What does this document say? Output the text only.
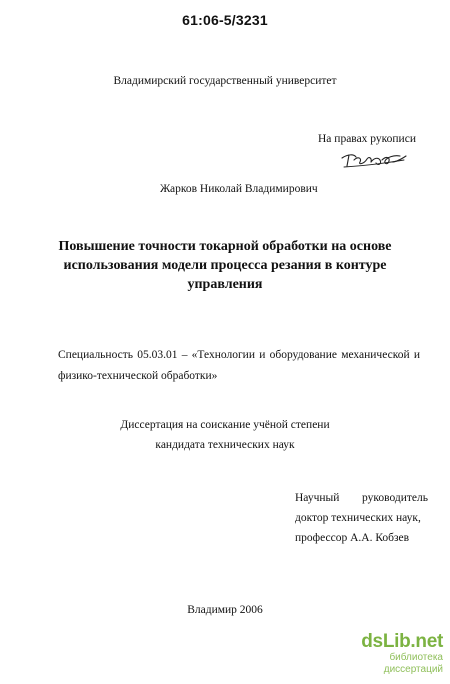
61:06-5/3231
Владимирский государственный университет
На правах рукописи
Жарков Николай Владимирович
Повышение точности токарной обработки на основе использования модели процесса резания в контуре управления
Специальность 05.03.01 – «Технологии и оборудование механической и
физико-технической обработки»
Диссертация на соискание учёной степени
кандидата технических наук
Научный руководитель
доктор технических наук,
профессор А.А. Кобзев
Владимир 2006
dsLib.net
библиотека диссертаций
